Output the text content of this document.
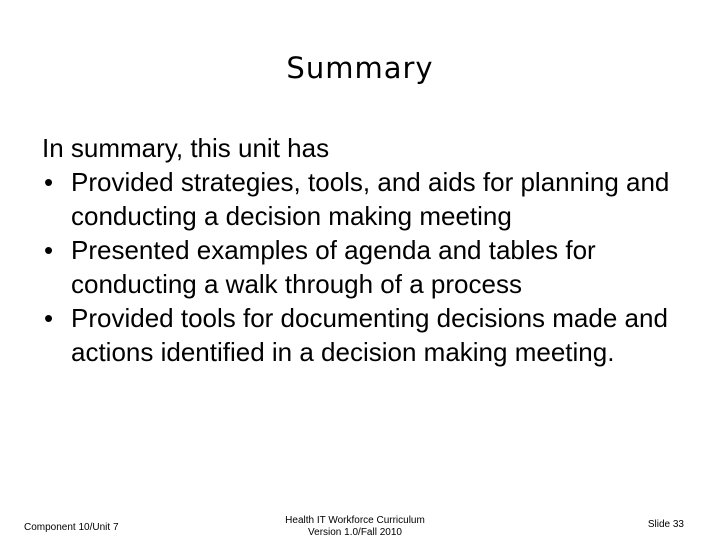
Summary

In summary, this unit has

• Provided strategies, tools, and aids for planning and conducting a decision making meeting
• Presented examples of agenda and tables for conducting a walk through of a process
• Provided tools for documenting decisions made and actions identified in a decision making meeting.
Component 10/Unit 7
Health IT Workforce Curriculum
Version 1.0/Fall 2010
Slide 33
